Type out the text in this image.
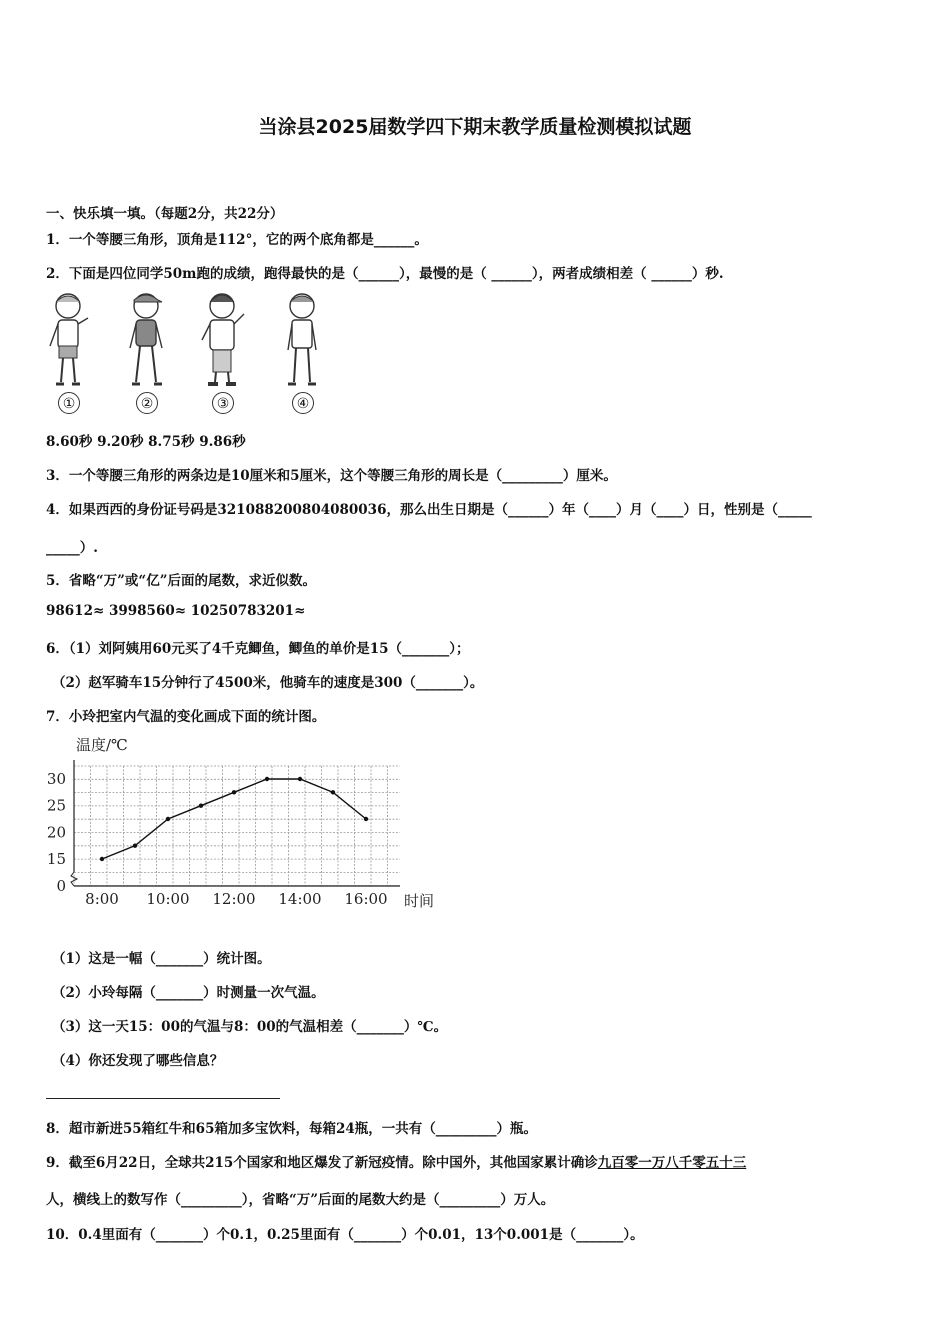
当涂县2025届数学四下期末教学质量检测模拟试题
一、快乐填一填。（每题2分，共22分）
1．一个等腰三角形，顶角是112°，它的两个底角都是______。
2．下面是四位同学50m跑的成绩，跑得最快的是（______），最慢的是（ ______），两者成绩相差（ ______）秒.
①	②	③	④
8.60秒 9.20秒 8.75秒 9.86秒
3．一个等腰三角形的两条边是10厘米和5厘米，这个等腰三角形的周长是（_________）厘米。
4．如果西西的身份证号码是321088200804080036，那么出生日期是（______）年（____）月（____）日，性别是（_____
_____）.
5．省略“万”或“亿”后面的尾数，求近似数。
98612≈ 3998560≈ 10250783201≈
6．（1）刘阿姨用60元买了4千克鲫鱼，鲫鱼的单价是15（_______）；
（2）赵军骑车15分钟行了4500米，他骑车的速度是300（_______）。
7．小玲把室内气温的变化画成下面的统计图。
0
15
20
25
30
8:00 10:00 12:00 14:00 16:00
温度/℃
时间
（1）这是一幅（_______）统计图。
（2）小玲每隔（_______）时测量一次气温。
（3）这一天15：00的气温与8：00的气温相差（_______）℃。
（4）你还发现了哪些信息？
8．超市新进55箱红牛和65箱加多宝饮料，每箱24瓶，一共有（_________）瓶。
9．截至6月22日，全球共215个国家和地区爆发了新冠疫情。除中国外，其他国家累计确诊九百零一万八千零五十三
人，横线上的数写作（_________），省略“万”后面的尾数大约是（_________）万人。
10．0.4里面有（_______）个0.1，0.25里面有（_______）个0.01，13个0.001是（_______）。
